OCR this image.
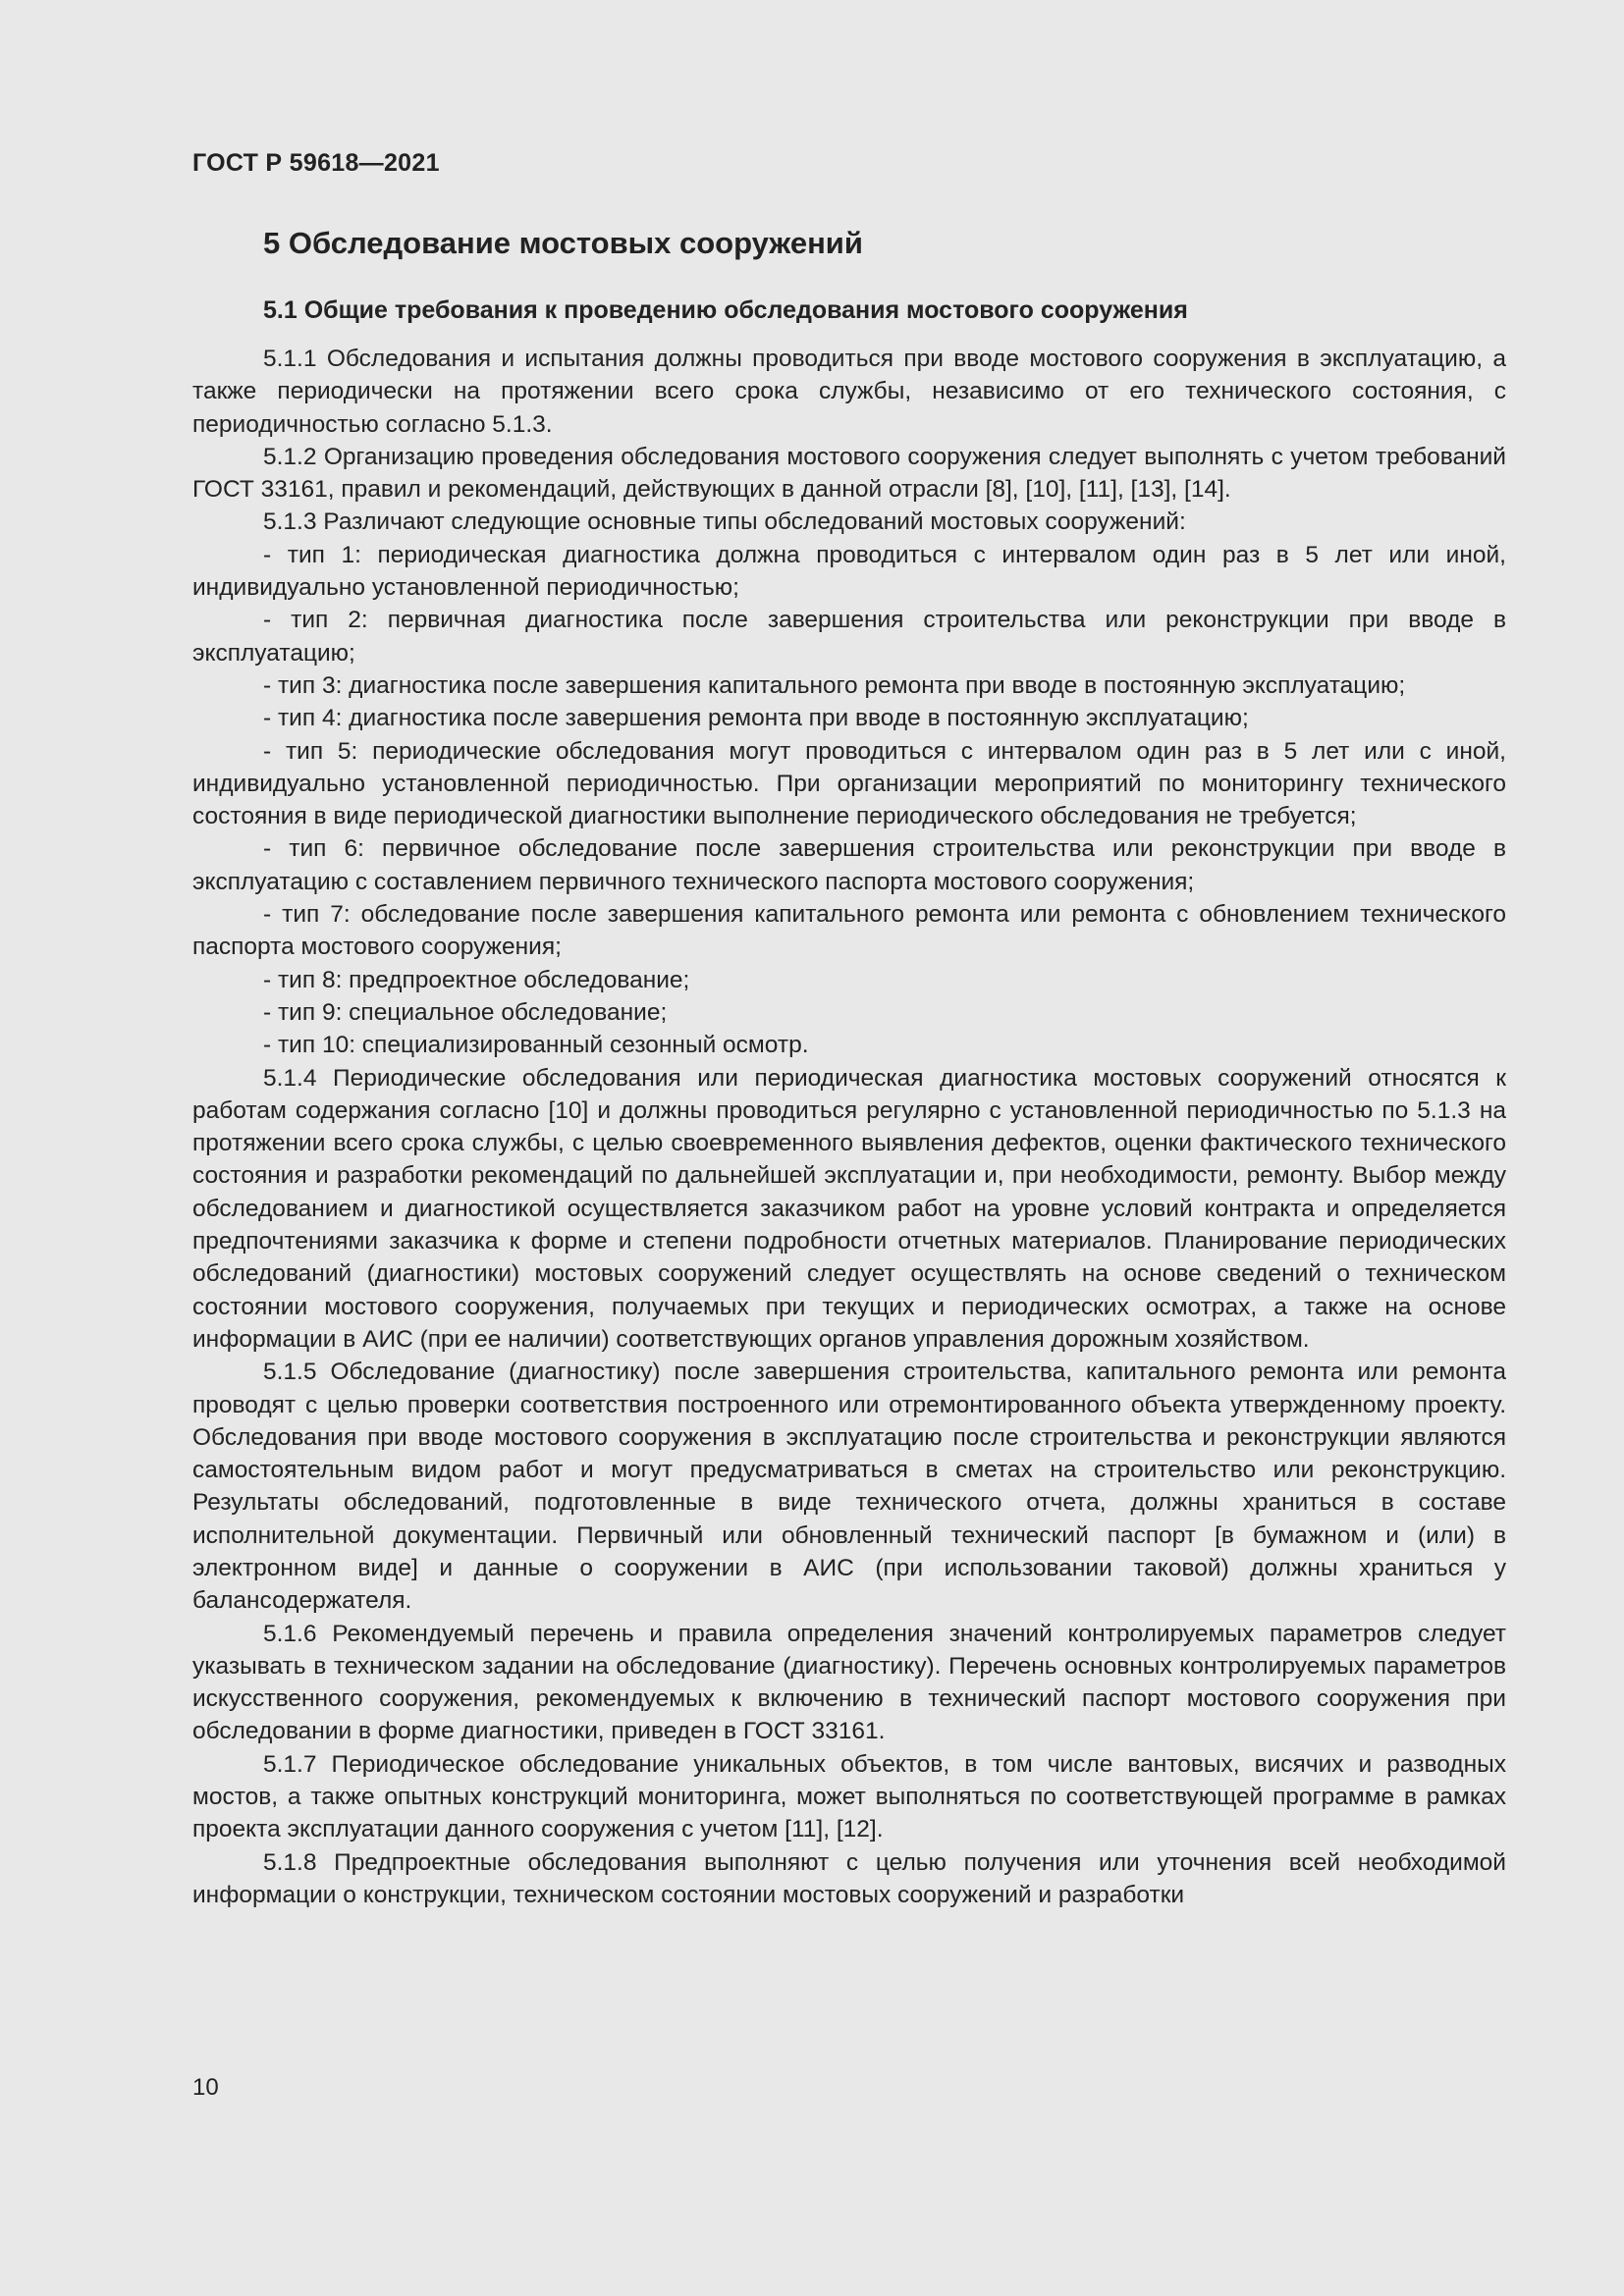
ГОСТ Р 59618—2021
5 Обследование мостовых сооружений
5.1 Общие требования к проведению обследования мостового сооружения

5.1.1 Обследования и испытания должны проводиться при вводе мостового сооружения в эксплуатацию, а также периодически на протяжении всего срока службы, независимо от его технического состояния, с периодичностью согласно 5.1.3.

5.1.2 Организацию проведения обследования мостового сооружения следует выполнять с учетом требований ГОСТ 33161, правил и рекомендаций, действующих в данной отрасли [8], [10], [11], [13], [14].

5.1.3 Различают следующие основные типы обследований мостовых сооружений:

- тип 1: периодическая диагностика должна проводиться с интервалом один раз в 5 лет или иной, индивидуально установленной периодичностью;

- тип 2: первичная диагностика после завершения строительства или реконструкции при вводе в эксплуатацию;

- тип 3: диагностика после завершения капитального ремонта при вводе в постоянную эксплуатацию;

- тип 4: диагностика после завершения ремонта при вводе в постоянную эксплуатацию;

- тип 5: периодические обследования могут проводиться с интервалом один раз в 5 лет или с иной, индивидуально установленной периодичностью. При организации мероприятий по мониторингу технического состояния в виде периодической диагностики выполнение периодического обследования не требуется;

- тип 6: первичное обследование после завершения строительства или реконструкции при вводе в эксплуатацию с составлением первичного технического паспорта мостового сооружения;

- тип 7: обследование после завершения капитального ремонта или ремонта с обновлением технического паспорта мостового сооружения;

- тип 8: предпроектное обследование;

- тип 9: специальное обследование;

- тип 10: специализированный сезонный осмотр.

5.1.4 Периодические обследования или периодическая диагностика мостовых сооружений относятся к работам содержания согласно [10] и должны проводиться регулярно с установленной периодичностью по 5.1.3 на протяжении всего срока службы, с целью своевременного выявления дефектов, оценки фактического технического состояния и разработки рекомендаций по дальнейшей эксплуатации и, при необходимости, ремонту. Выбор между обследованием и диагностикой осуществляется заказчиком работ на уровне условий контракта и определяется предпочтениями заказчика к форме и степени подробности отчетных материалов. Планирование периодических обследований (диагностики) мостовых сооружений следует осуществлять на основе сведений о техническом состоянии мостового сооружения, получаемых при текущих и периодических осмотрах, а также на основе информации в АИС (при ее наличии) соответствующих органов управления дорожным хозяйством.

5.1.5 Обследование (диагностику) после завершения строительства, капитального ремонта или ремонта проводят с целью проверки соответствия построенного или отремонтированного объекта утвержденному проекту. Обследования при вводе мостового сооружения в эксплуатацию после строительства и реконструкции являются самостоятельным видом работ и могут предусматриваться в сметах на строительство или реконструкцию. Результаты обследований, подготовленные в виде технического отчета, должны храниться в составе исполнительной документации. Первичный или обновленный технический паспорт [в бумажном и (или) в электронном виде] и данные о сооружении в АИС (при использовании таковой) должны храниться у балансодержателя.

5.1.6 Рекомендуемый перечень и правила определения значений контролируемых параметров следует указывать в техническом задании на обследование (диагностику). Перечень основных контролируемых параметров искусственного сооружения, рекомендуемых к включению в технический паспорт мостового сооружения при обследовании в форме диагностики, приведен в ГОСТ 33161.

5.1.7 Периодическое обследование уникальных объектов, в том числе вантовых, висячих и разводных мостов, а также опытных конструкций мониторинга, может выполняться по соответствующей программе в рамках проекта эксплуатации данного сооружения с учетом [11], [12].

5.1.8 Предпроектные обследования выполняют с целью получения или уточнения всей необходимой информации о конструкции, техническом состоянии мостовых сооружений и разработки

10
